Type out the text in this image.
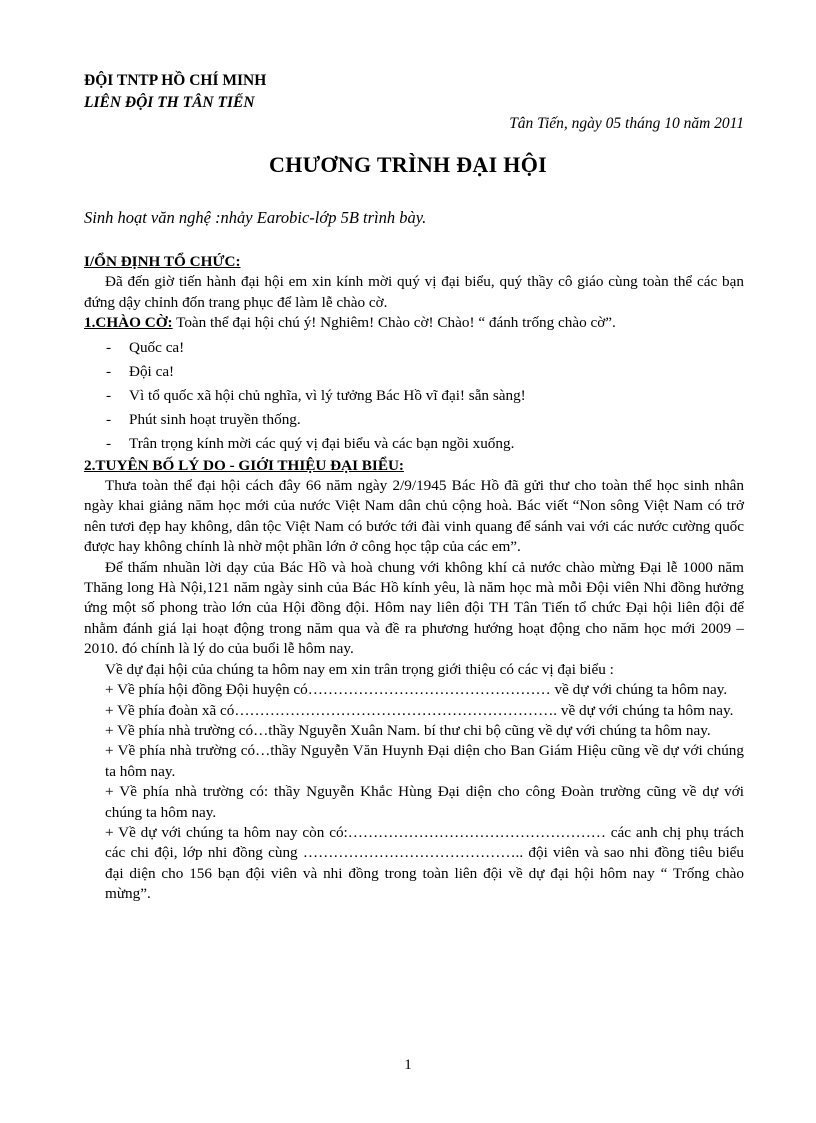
ĐỘI TNTP HỒ CHÍ MINH
LIÊN ĐỘI TH TÂN TIẾN
Tân Tiến, ngày 05 tháng 10 năm 2011
CHƯƠNG TRÌNH ĐẠI HỘI
Sinh hoạt văn nghệ :nhảy Earobic-lớp 5B trình bày.

I/ỔN ĐỊNH TỔ CHỨC:

Đã đến giờ tiến hành đại hội em xin kính mời quý vị đại biểu, quý thầy cô giáo cùng toàn thể các bạn đứng dậy chỉnh đốn trang phục để làm lễ chào cờ.

1.CHÀO CỜ: Toàn thể đại hội chú ý! Nghiêm! Chào cờ! Chào! “ đánh trống chào cờ”.

- Quốc ca!
- Đội ca!
- Vì tổ quốc xã hội chủ nghĩa, vì lý tưởng Bác Hồ vĩ đại! sẵn sàng!
- Phút sinh hoạt truyền thống.
- Trân trọng kính mời các quý vị đại biểu và các bạn ngồi xuống.

2.TUYÊN BỐ LÝ DO - GIỚI THIỆU ĐẠI BIỂU:

Thưa toàn thể đại hội cách đây 66 năm ngày 2/9/1945 Bác Hồ đã gửi thư cho toàn thể học sinh nhân ngày khai giảng năm học mới của nước Việt Nam dân chủ cộng hoà. Bác viết “Non sông Việt Nam có trở nên tươi đẹp hay không, dân tộc Việt Nam có bước tới đài vinh quang để sánh vai với các nước cường quốc được hay không chính là nhờ một phần lớn ở công học tập của các em”.

Để thấm nhuần lời dạy của Bác Hồ và hoà chung với không khí cả nước chào mừng Đại lễ 1000 năm Thăng long Hà Nội,121 năm ngày sinh của Bác Hồ kính yêu, là năm học mà mỗi Đội viên Nhi đồng hưởng ứng một số phong trào lớn của Hội đồng đội. Hôm nay liên đội TH Tân Tiến tổ chức Đại hội liên đội để nhằm đánh giá lại hoạt động trong năm qua và đề ra phương hướng hoạt động cho năm học mới 2009 – 2010. đó chính là lý do của buổi lễ hôm nay.

Về dự đại hội của chúng ta hôm nay em xin trân trọng giới thiệu có các vị đại biểu :

+ Về phía hội đồng Đội huyện có………………………………………… về dự với chúng ta hôm nay.

+ Về phía đoàn xã có………………………………………………………. về dự với chúng ta hôm nay.

+ Về phía nhà trường có…thầy Nguyễn Xuân Nam. bí thư chi bộ cũng về dự với chúng ta hôm nay.

+ Về phía nhà trường có…thầy Nguyễn Văn Huynh Đại diện cho Ban Giám Hiệu cũng về dự với chúng ta hôm nay.

+ Về phía nhà trường có: thầy Nguyễn Khắc Hùng Đại diện cho công Đoàn trường cũng về dự với chúng ta hôm nay.

+ Về dự với chúng ta hôm nay còn có:…………………………………………… các anh chị phụ trách các chi đội, lớp nhi đồng cùng …………………………………….. đội viên và sao nhi đồng tiêu biểu đại diện cho 156 bạn đội viên và nhi đồng trong toàn liên đội về dự đại hội hôm nay “ Trống chào mừng”.

1
